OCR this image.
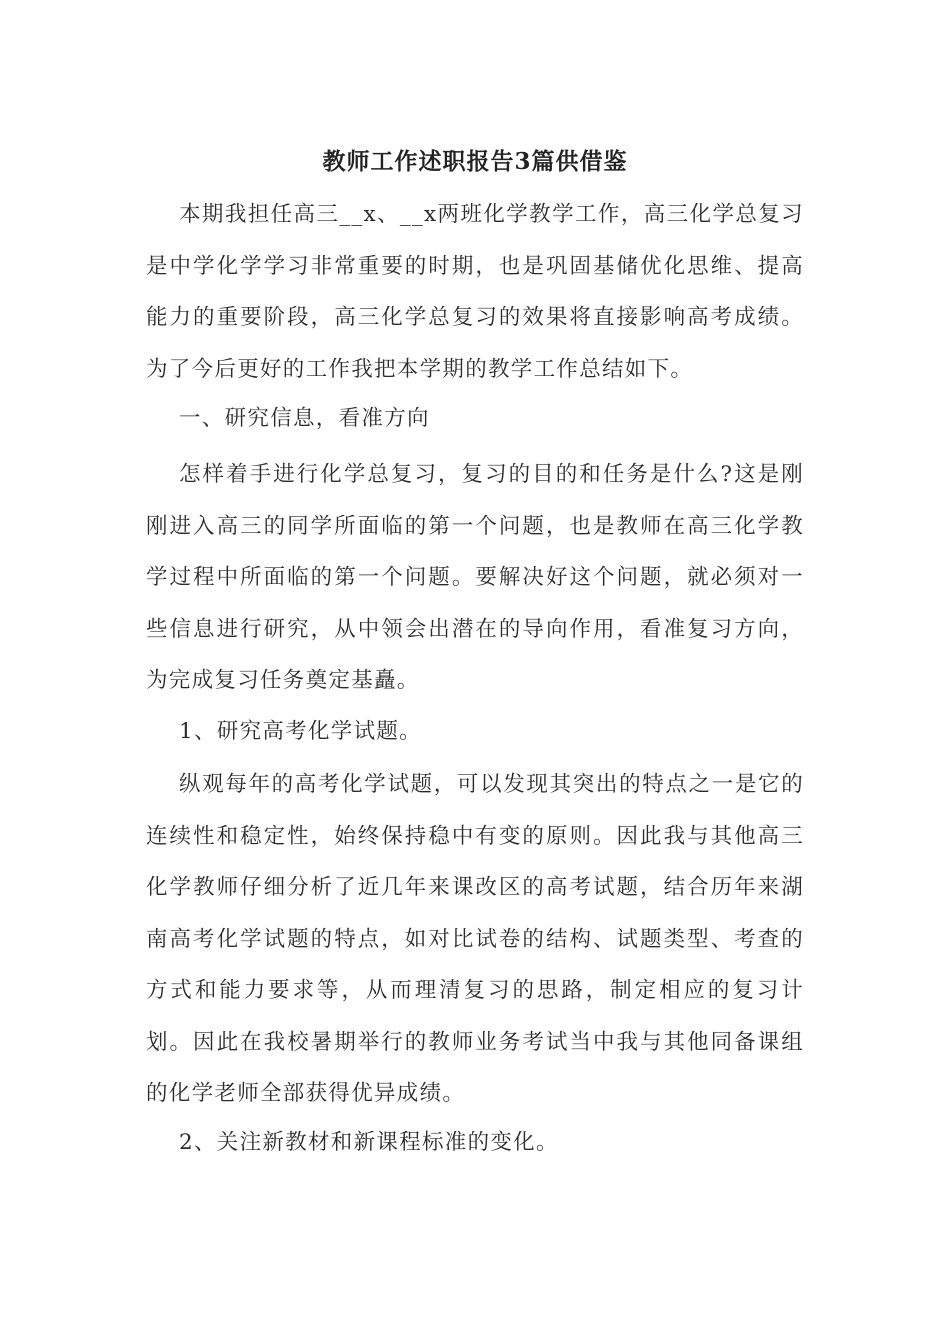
教师工作述职报告3篇供借鉴

本期我担任高三__x、__x两班化学教学工作，高三化学总复习是中学化学学习非常重要的时期，也是巩固基储优化思维、提高能力的重要阶段，高三化学总复习的效果将直接影响高考成绩。为了今后更好的工作我把本学期的教学工作总结如下。

一、研究信息，看准方向

怎样着手进行化学总复习，复习的目的和任务是什么?这是刚刚进入高三的同学所面临的第一个问题，也是教师在高三化学教学过程中所面临的第一个问题。要解决好这个问题，就必须对一些信息进行研究，从中领会出潜在的导向作用，看准复习方向，为完成复习任务奠定基矗。

1、研究高考化学试题。

纵观每年的高考化学试题，可以发现其突出的特点之一是它的连续性和稳定性，始终保持稳中有变的原则。因此我与其他高三化学教师仔细分析了近几年来课改区的高考试题，结合历年来湖南高考化学试题的特点，如对比试卷的结构、试题类型、考查的方式和能力要求等，从而理清复习的思路，制定相应的复习计划。因此在我校暑期举行的教师业务考试当中我与其他同备课组的化学老师全部获得优异成绩。

2、关注新教材和新课程标准的变化。
